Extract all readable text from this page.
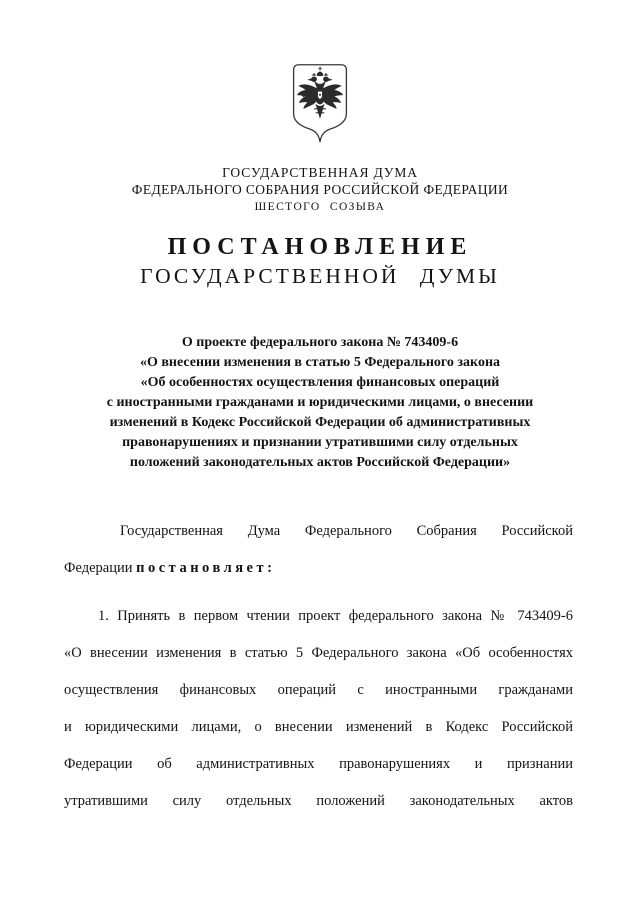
ГОСУДАРСТВЕННАЯ ДУМА
ФЕДЕРАЛЬНОГО СОБРАНИЯ РОССИЙСКОЙ ФЕДЕРАЦИИ
ШЕСТОГО СОЗЫВА
ПОСТАНОВЛЕНИЕ
ГОСУДАРСТВЕННОЙ ДУМЫ
О проекте федерального закона № 743409-6
«О внесении изменения в статью 5 Федерального закона
«Об особенностях осуществления финансовых операций
с иностранными гражданами и юридическими лицами, о внесении
изменений в Кодекс Российской Федерации об административных
правонарушениях и признании утратившими силу отдельных
положений законодательных актов Российской Федерации»
Государственная Дума Федерального Собрания Российской
Федерации постановляет:
1. Принять в первом чтении проект федерального закона № 743409-6
«О внесении изменения в статью 5 Федерального закона «Об особенностях
осуществления финансовых операций с иностранными гражданами
и юридическими лицами, о внесении изменений в Кодекс Российской
Федерации об административных правонарушениях и признании
утратившими силу отдельных положений законодательных актов
